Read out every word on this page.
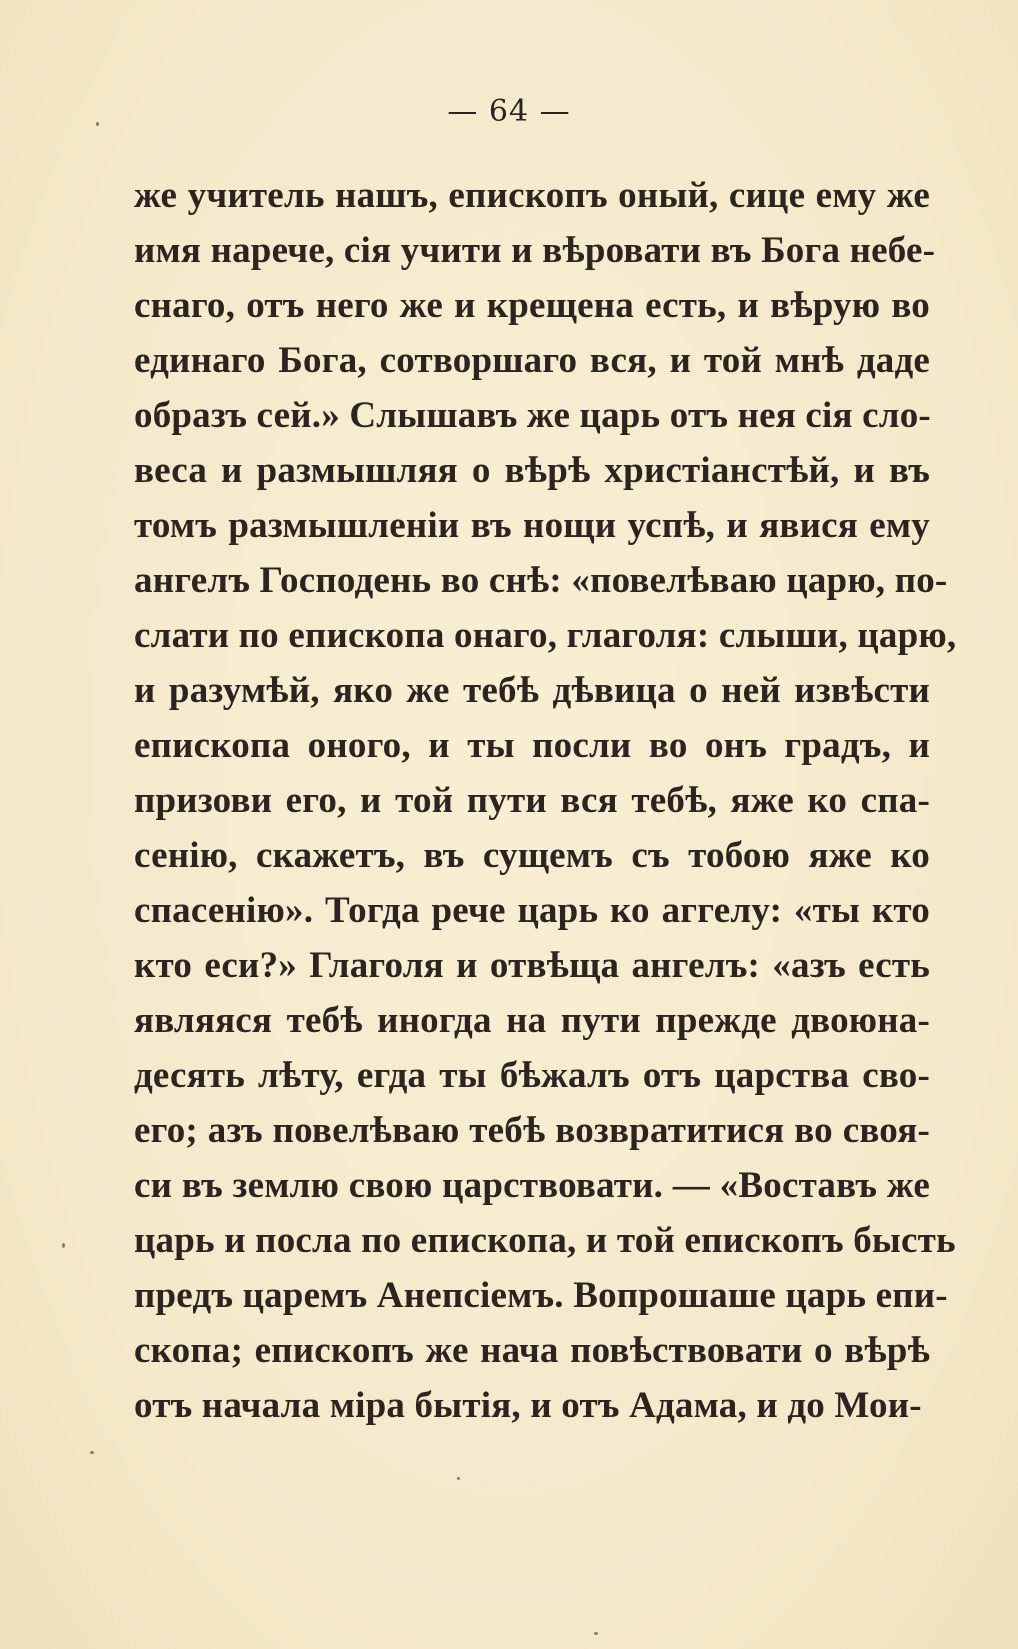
— 64 —
же учитель нашъ, епископъ оный, сице ему же
имя нарече, сія учити и вѣровати въ Бога небе-
снаго, отъ него же и крещена есть, и вѣрую во
единаго Бога, сотворшаго вся, и той мнѣ даде
образъ сей.» Слышавъ же царь отъ нея сія сло-
веса и размышляя о вѣрѣ христіанстѣй, и въ
томъ размышленіи въ нощи успѣ, и явися ему
ангелъ Господень во снѣ: «повелѣваю царю, по-
слати по епископа онаго, глаголя: слыши, царю,
и разумѣй, яко же тебѣ дѣвица о ней извѣсти
епископа оного, и ты посли во онъ градъ, и
призови его, и той пути вся тебѣ, яже ко спа-
сенію, скажетъ, въ сущемъ съ тобою яже ко
спасенію». Тогда рече царь ко аггелу: «ты кто
кто еси?» Глаголя и отвѣща ангелъ: «азъ есть
являяся тебѣ иногда на пути прежде двоюна-
десять лѣту, егда ты бѣжалъ отъ царства сво-
его; азъ повелѣваю тебѣ возвратитися во своя-
си въ землю свою царствовати. — «Воставъ же
царь и посла по епископа, и той епископъ бысть
предъ царемъ Анепсіемъ. Вопрошаше царь епи-
скопа; епископъ же нача повѣствовати о вѣрѣ
отъ начала міра бытія, и отъ Адама, и до Мои-
